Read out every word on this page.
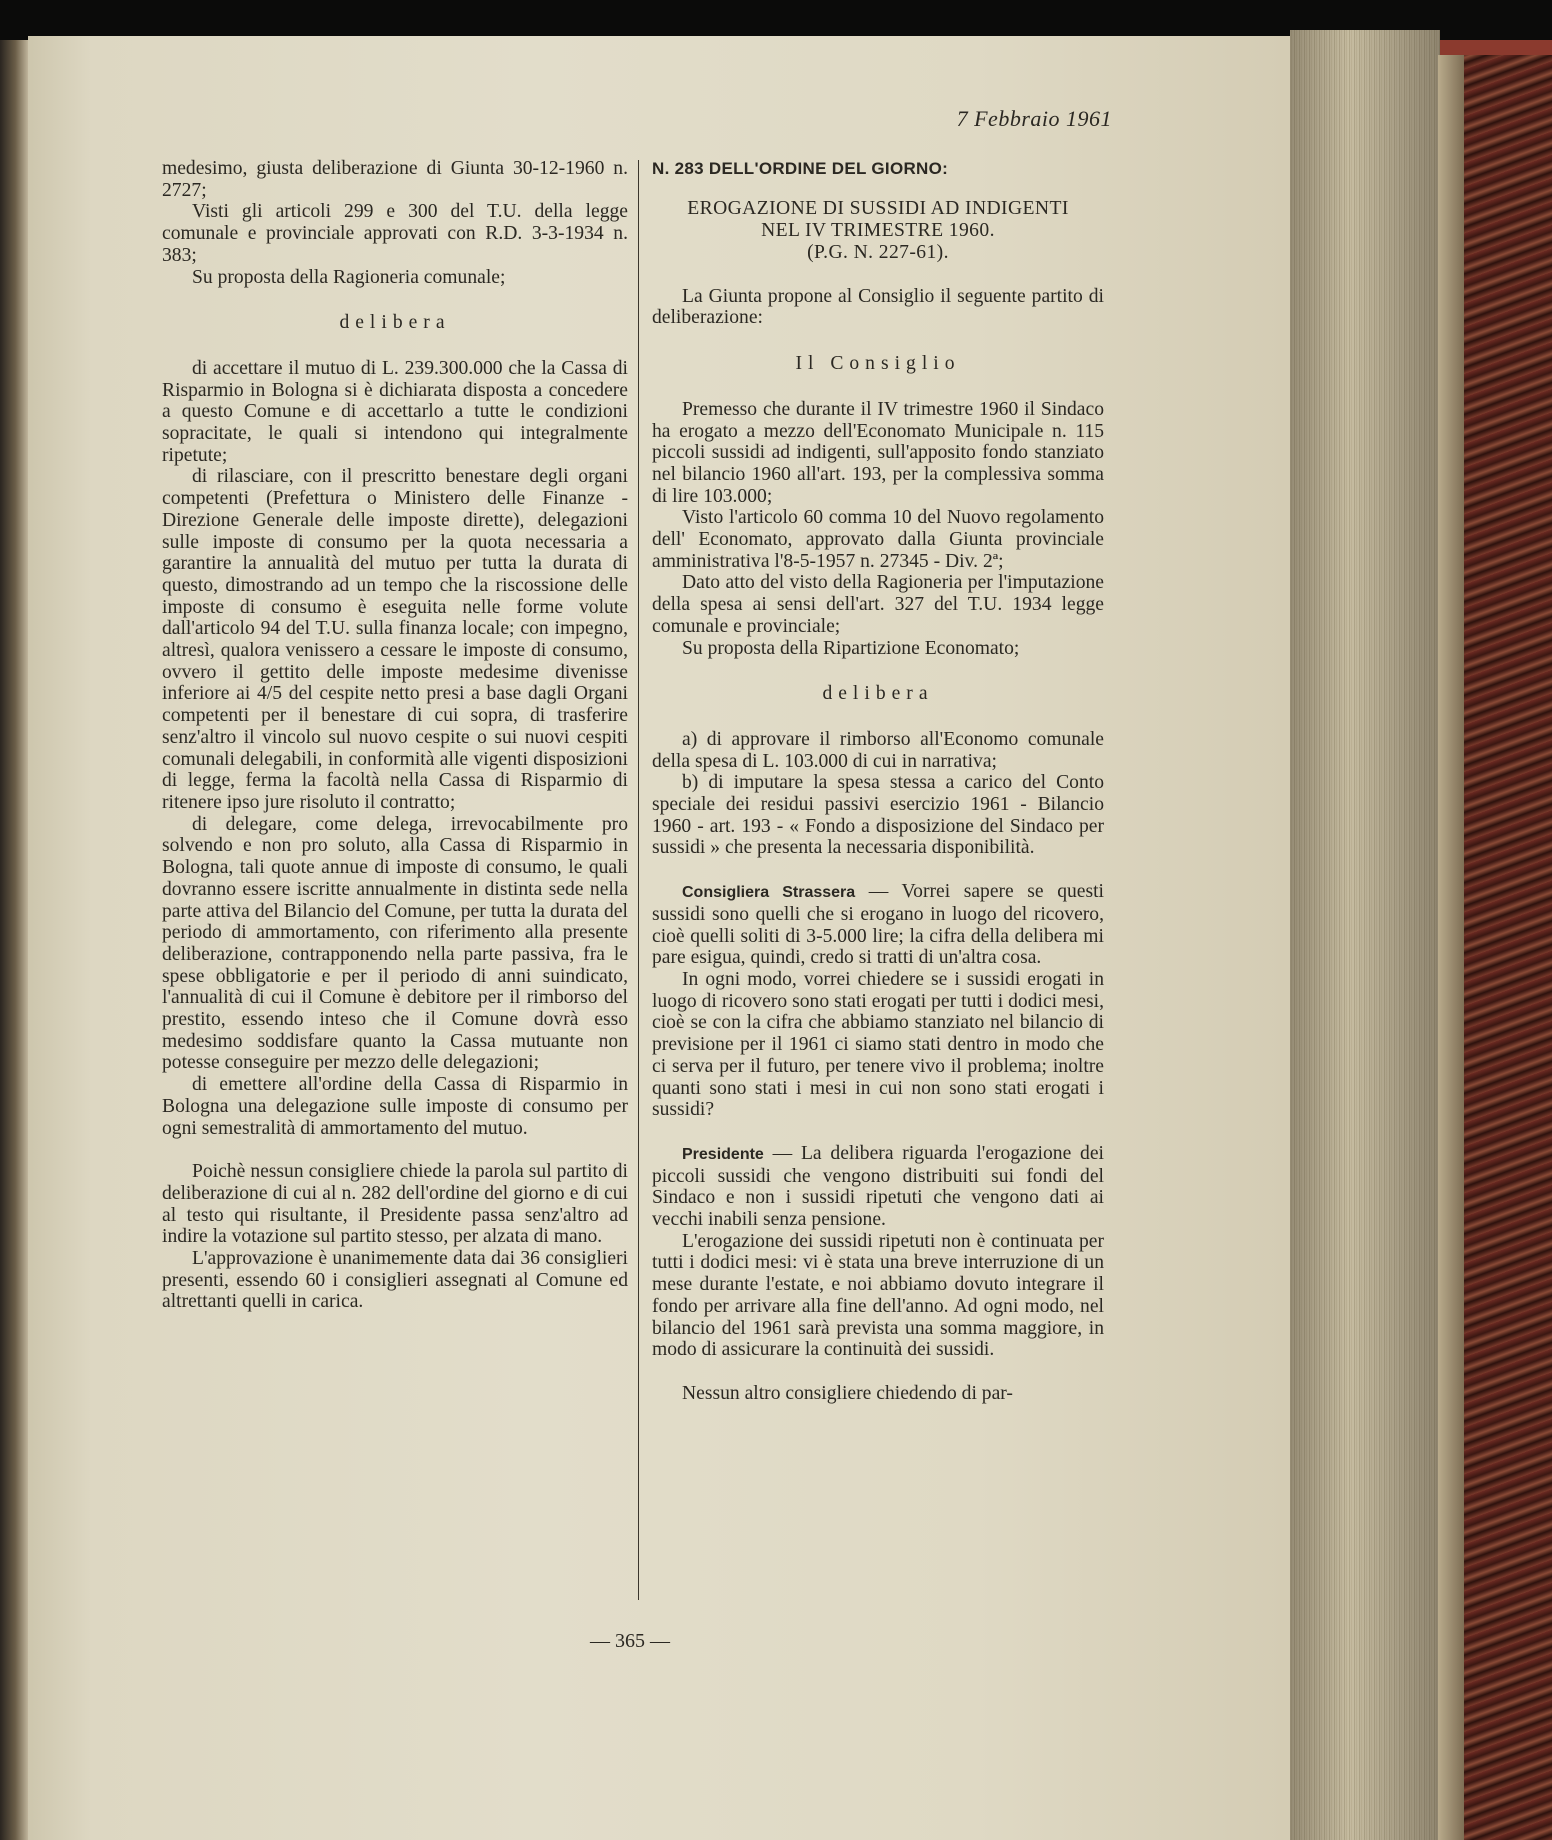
7 Febbraio 1961

medesimo, giusta deliberazione di Giunta 30-12-1960 n. 2727;

Visti gli articoli 299 e 300 del T.U. della legge comunale e provinciale approvati con R.D. 3-3-1934 n. 383;

Su proposta della Ragioneria comunale;

delibera

di accettare il mutuo di L. 239.300.000 che la Cassa di Risparmio in Bologna si è dichiarata disposta a concedere a questo Comune e di accettarlo a tutte le condizioni sopracitate, le quali si intendono qui integralmente ripetute;

di rilasciare, con il prescritto benestare degli organi competenti (Prefettura o Ministero delle Finanze - Direzione Generale delle imposte dirette), delegazioni sulle imposte di consumo per la quota necessaria a garantire la annualità del mutuo per tutta la durata di questo, dimostrando ad un tempo che la riscossione delle imposte di consumo è eseguita nelle forme volute dall'articolo 94 del T.U. sulla finanza locale; con impegno, altresì, qualora venissero a cessare le imposte di consumo, ovvero il gettito delle imposte medesime divenisse inferiore ai 4/5 del cespite netto presi a base dagli Organi competenti per il benestare di cui sopra, di trasferire senz'altro il vincolo sul nuovo cespite o sui nuovi cespiti comunali delegabili, in conformità alle vigenti disposizioni di legge, ferma la facoltà nella Cassa di Risparmio di ritenere ipso jure risoluto il contratto;

di delegare, come delega, irrevocabilmente pro solvendo e non pro soluto, alla Cassa di Risparmio in Bologna, tali quote annue di imposte di consumo, le quali dovranno essere iscritte annualmente in distinta sede nella parte attiva del Bilancio del Comune, per tutta la durata del periodo di ammortamento, con riferimento alla presente deliberazione, contrapponendo nella parte passiva, fra le spese obbligatorie e per il periodo di anni suindicato, l'annualità di cui il Comune è debitore per il rimborso del prestito, essendo inteso che il Comune dovrà esso medesimo soddisfare quanto la Cassa mutuante non potesse conseguire per mezzo delle delegazioni;

di emettere all'ordine della Cassa di Risparmio in Bologna una delegazione sulle imposte di consumo per ogni semestralità di ammortamento del mutuo.

Poichè nessun consigliere chiede la parola sul partito di deliberazione di cui al n. 282 dell'ordine del giorno e di cui al testo qui risultante, il Presidente passa senz'altro ad indire la votazione sul partito stesso, per alzata di mano.

L'approvazione è unanimemente data dai 36 consiglieri presenti, essendo 60 i consiglieri assegnati al Comune ed altrettanti quelli in carica.

N. 283 DELL'ORDINE DEL GIORNO:
EROGAZIONE DI SUSSIDI AD INDIGENTI
NEL IV TRIMESTRE 1960.
(P.G. N. 227-61).

La Giunta propone al Consiglio il seguente partito di deliberazione:

Il Consiglio

Premesso che durante il IV trimestre 1960 il Sindaco ha erogato a mezzo dell'Economato Municipale n. 115 piccoli sussidi ad indigenti, sull'apposito fondo stanziato nel bilancio 1960 all'art. 193, per la complessiva somma di lire 103.000;

Visto l'articolo 60 comma 10 del Nuovo regolamento dell' Economato, approvato dalla Giunta provinciale amministrativa l'8-5-1957 n. 27345 - Div. 2ª;

Dato atto del visto della Ragioneria per l'imputazione della spesa ai sensi dell'art. 327 del T.U. 1934 legge comunale e provinciale;

Su proposta della Ripartizione Economato;

delibera

a) di approvare il rimborso all'Economo comunale della spesa di L. 103.000 di cui in narrativa;

b) di imputare la spesa stessa a carico del Conto speciale dei residui passivi esercizio 1961 - Bilancio 1960 - art. 193 - « Fondo a disposizione del Sindaco per sussidi » che presenta la necessaria disponibilità.

Consigliera Strassera — Vorrei sapere se questi sussidi sono quelli che si erogano in luogo del ricovero, cioè quelli soliti di 3-5.000 lire; la cifra della delibera mi pare esigua, quindi, credo si tratti di un'altra cosa.

In ogni modo, vorrei chiedere se i sussidi erogati in luogo di ricovero sono stati erogati per tutti i dodici mesi, cioè se con la cifra che abbiamo stanziato nel bilancio di previsione per il 1961 ci siamo stati dentro in modo che ci serva per il futuro, per tenere vivo il problema; inoltre quanti sono stati i mesi in cui non sono stati erogati i sussidi?

Presidente — La delibera riguarda l'erogazione dei piccoli sussidi che vengono distribuiti sui fondi del Sindaco e non i sussidi ripetuti che vengono dati ai vecchi inabili senza pensione.

L'erogazione dei sussidi ripetuti non è continuata per tutti i dodici mesi: vi è stata una breve interruzione di un mese durante l'estate, e noi abbiamo dovuto integrare il fondo per arrivare alla fine dell'anno. Ad ogni modo, nel bilancio del 1961 sarà prevista una somma maggiore, in modo di assicurare la continuità dei sussidi.

Nessun altro consigliere chiedendo di par-

— 365 —
